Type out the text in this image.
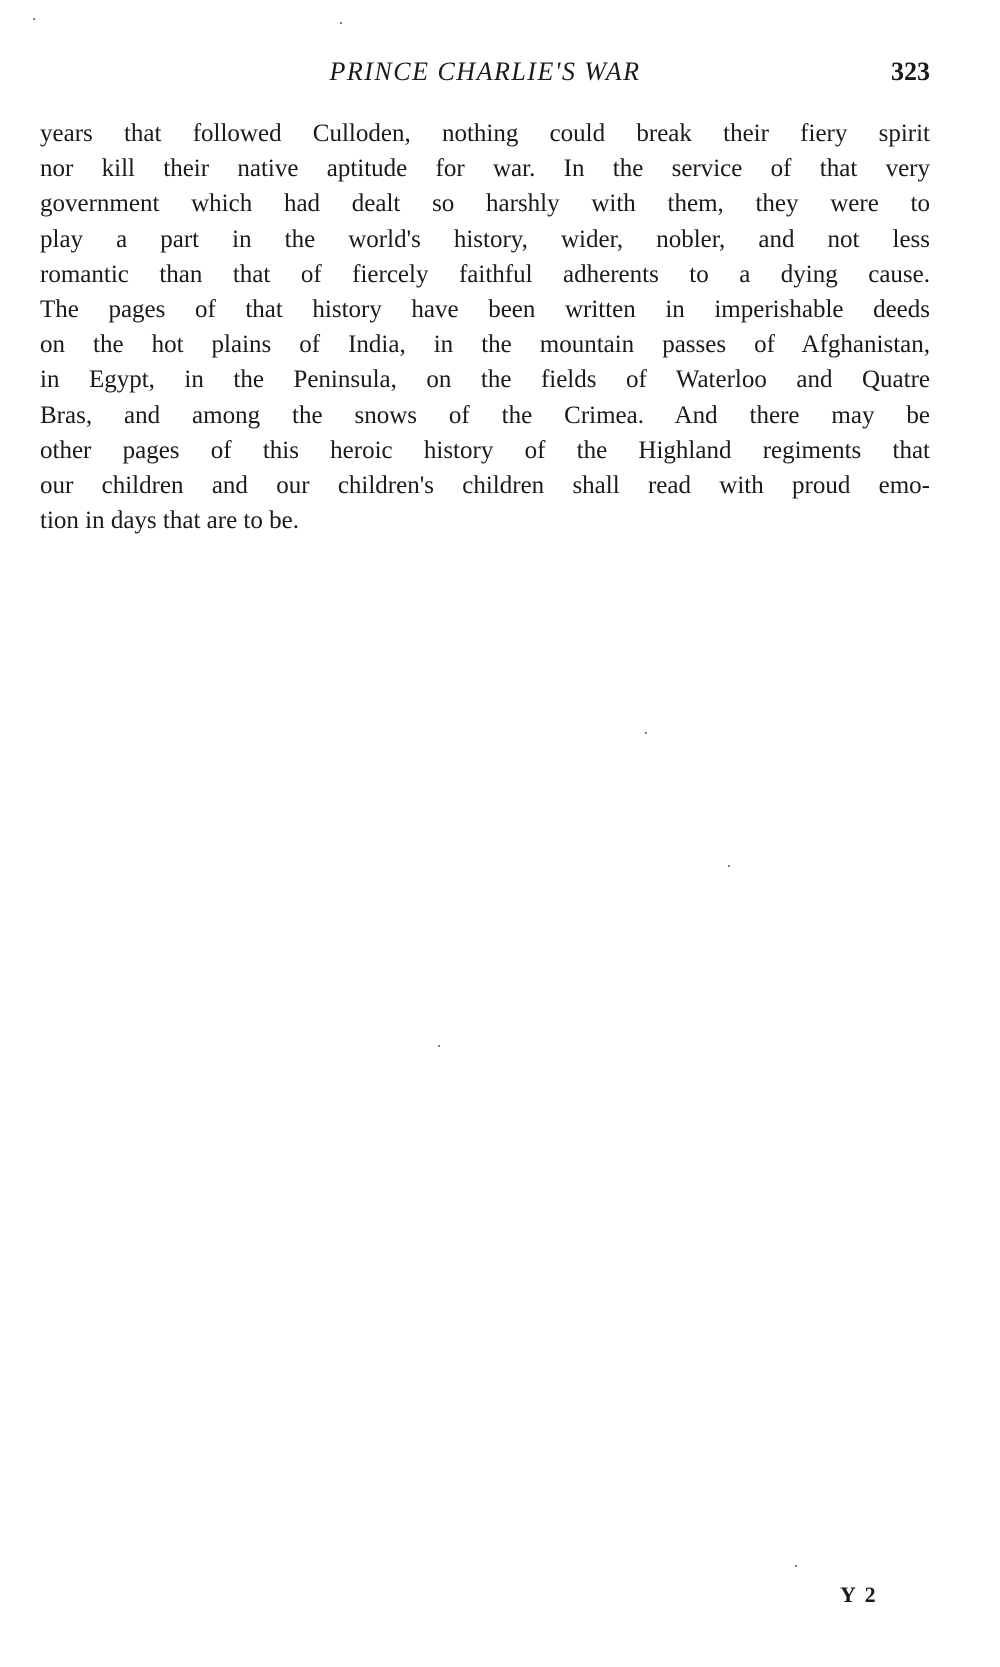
PRINCE CHARLIE'S WAR	323
years that followed Culloden, nothing could break their fiery spirit
nor kill their native aptitude for war. In the service of that very
government which had dealt so harshly with them, they were to
play a part in the world's history, wider, nobler, and not less
romantic than that of fiercely faithful adherents to a dying cause.
The pages of that history have been written in imperishable deeds
on the hot plains of India, in the mountain passes of Afghanistan,
in Egypt, in the Peninsula, on the fields of Waterloo and Quatre
Bras, and among the snows of the Crimea. And there may be
other pages of this heroic history of the Highland regiments that
our children and our children's children shall read with proud emo-
tion in days that are to be.
Y 2
